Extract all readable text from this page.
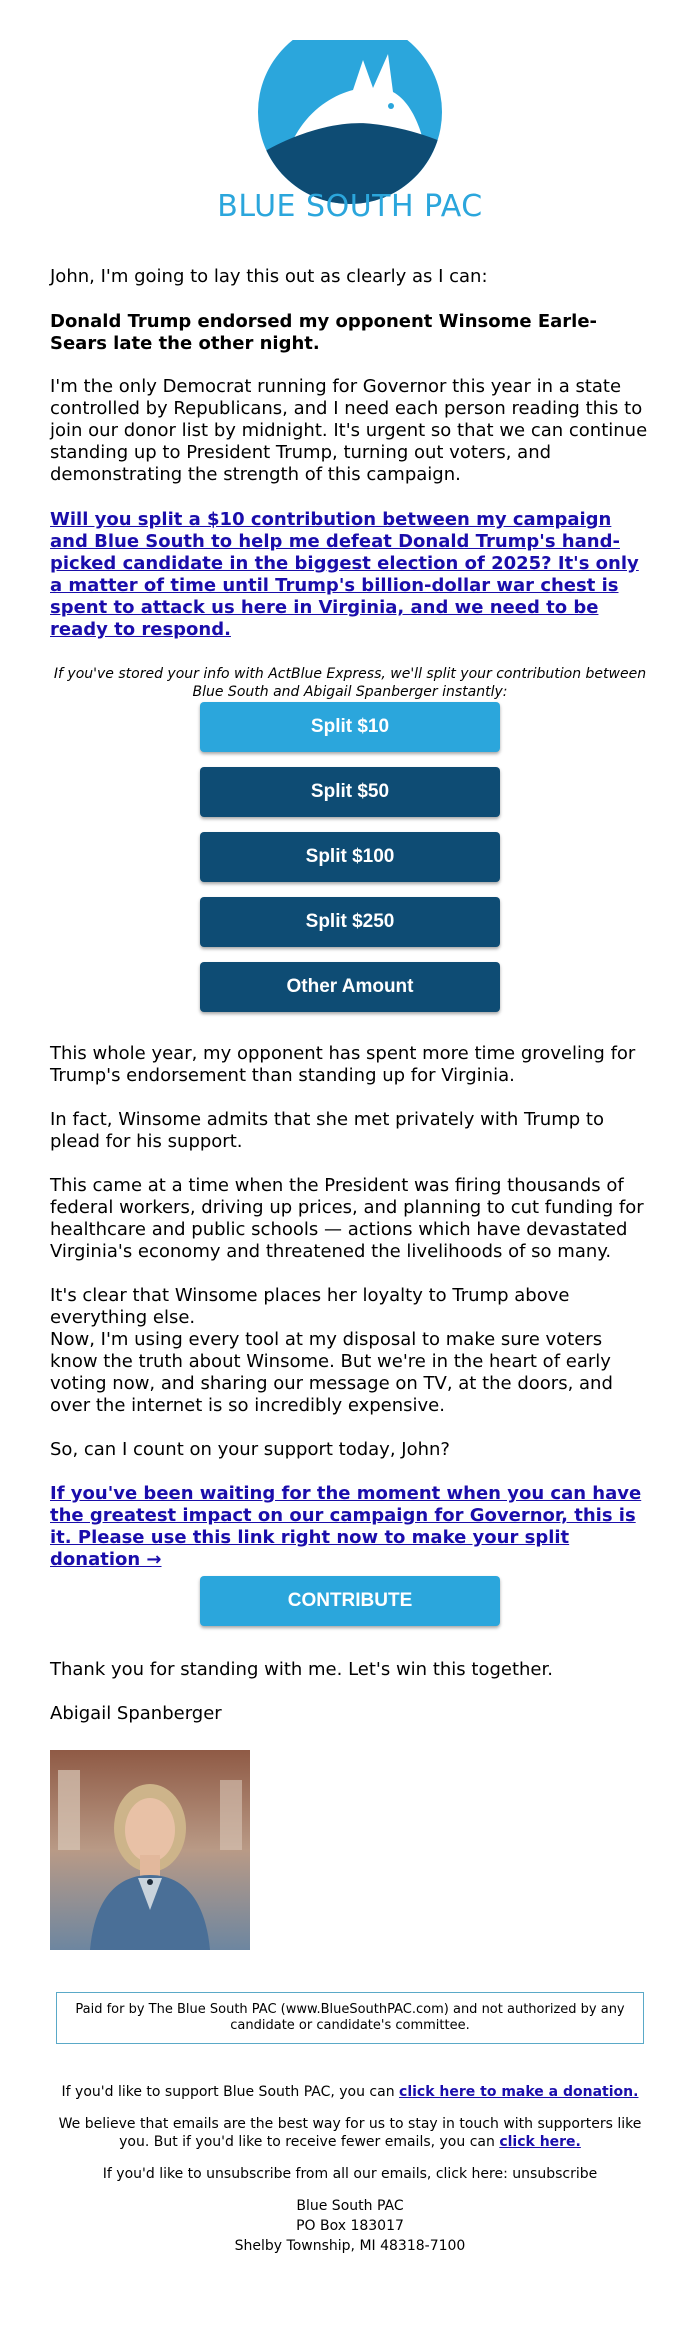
BLUE SOUTH PAC

John, I'm going to lay this out as clearly as I can:

Donald Trump endorsed my opponent Winsome Earle-Sears late the other night.

I'm the only Democrat running for Governor this year in a state controlled by Republicans, and I need each person reading this to join our donor list by midnight. It's urgent so that we can continue standing up to President Trump, turning out voters, and demonstrating the strength of this campaign.

Will you split a $10 contribution between my campaign and Blue South to help me defeat Donald Trump's hand-picked candidate in the biggest election of 2025? It's only a matter of time until Trump's billion-dollar war chest is spent to attack us here in Virginia, and we need to be ready to respond.

If you've stored your info with ActBlue Express, we'll split your contribution between Blue South and Abigail Spanberger instantly:

Split $10
Split $50
Split $100
Split $250
Other Amount

This whole year, my opponent has spent more time groveling for Trump's endorsement than standing up for Virginia.

In fact, Winsome admits that she met privately with Trump to plead for his support.

This came at a time when the President was firing thousands of federal workers, driving up prices, and planning to cut funding for healthcare and public schools — actions which have devastated Virginia's economy and threatened the livelihoods of so many.

It's clear that Winsome places her loyalty to Trump above everything else.

Now, I'm using every tool at my disposal to make sure voters know the truth about Winsome. But we're in the heart of early voting now, and sharing our message on TV, at the doors, and over the internet is so incredibly expensive.

So, can I count on your support today, John?

If you've been waiting for the moment when you can have the greatest impact on our campaign for Governor, this is it. Please use this link right now to make your split donation →
CONTRIBUTE

Thank you for standing with me. Let's win this together.

Abigail Spanberger

Paid for by The Blue South PAC (www.BlueSouthPAC.com) and not authorized by any candidate or candidate's committee.
If you'd like to support Blue South PAC, you can click here to make a donation.
We believe that emails are the best way for us to stay in touch with supporters like you. But if you'd like to receive fewer emails, you can click here.
If you'd like to unsubscribe from all our emails, click here: unsubscribe
Blue South PAC
PO Box 183017
Shelby Township, MI 48318-7100
